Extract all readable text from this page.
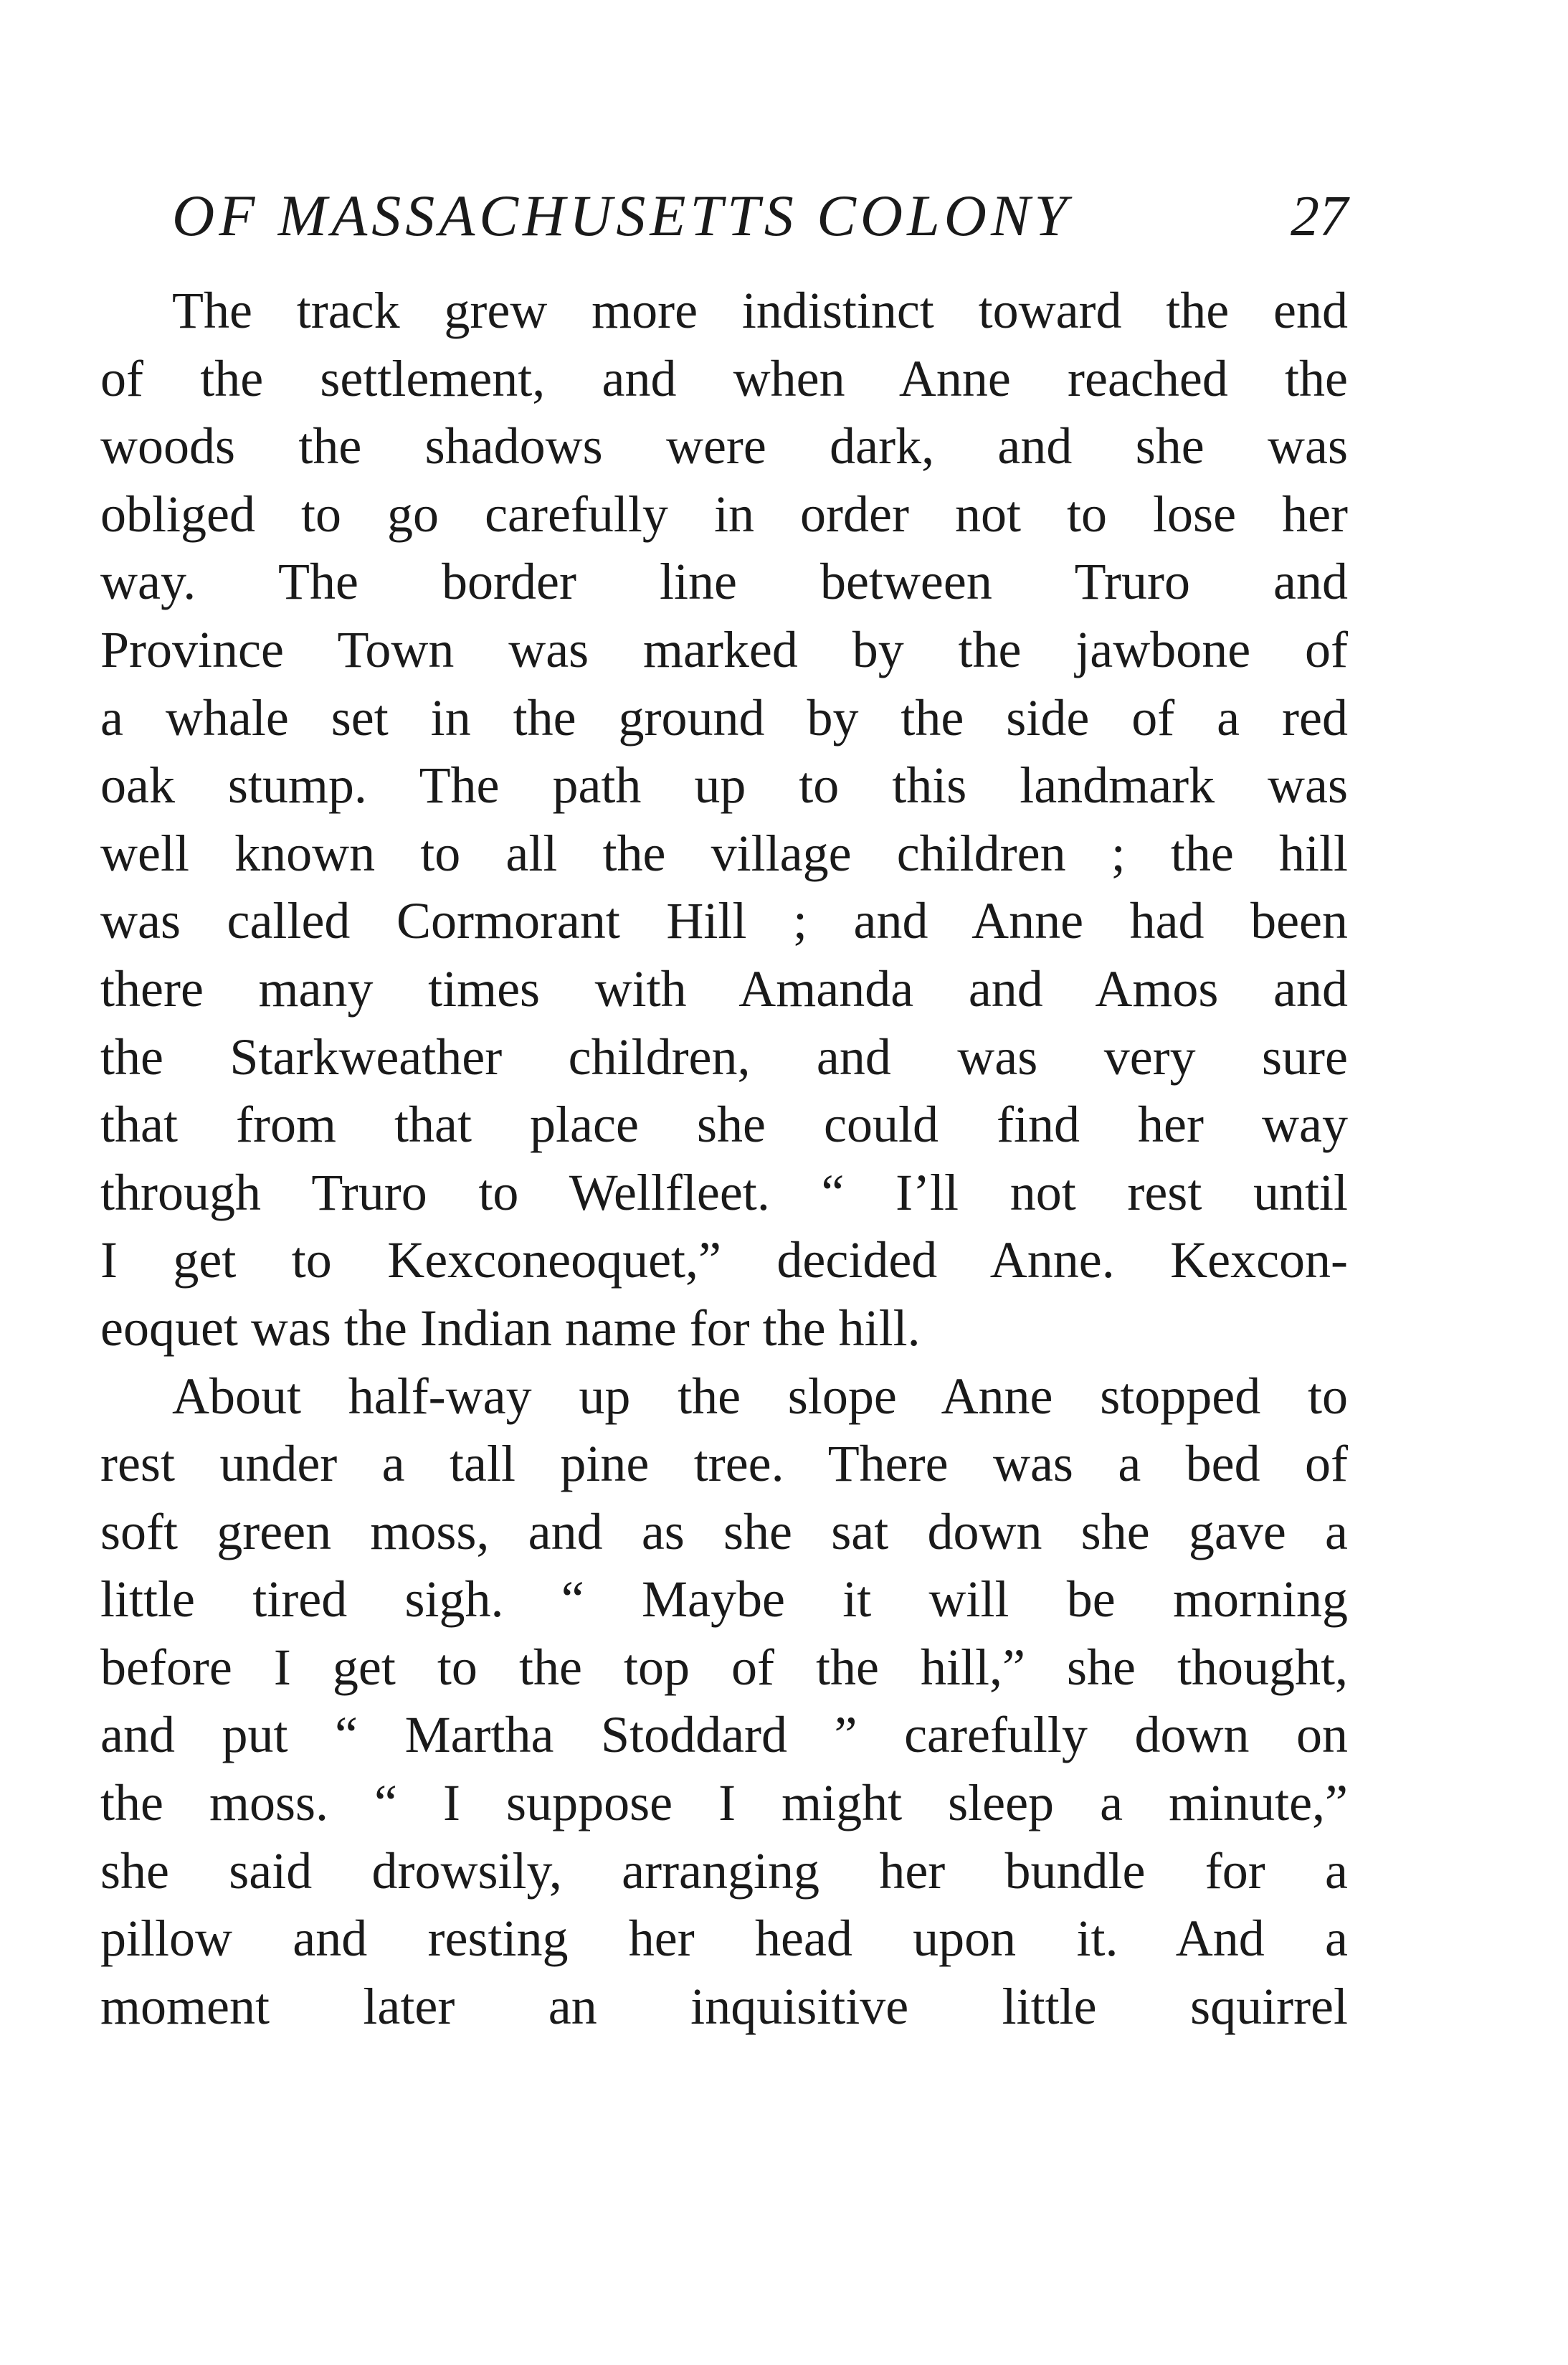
OF MASSACHUSETTS COLONY	27
The track grew more indistinct toward the end
of the settlement, and when Anne reached the
woods the shadows were dark, and she was
obliged to go carefully in order not to lose her
way. The border line between Truro and
Province Town was marked by the jawbone of
a whale set in the ground by the side of a red
oak stump. The path up to this landmark was
well known to all the village children ; the hill
was called Cormorant Hill ; and Anne had been
there many times with Amanda and Amos and
the Starkweather children, and was very sure
that from that place she could find her way
through Truro to Wellfleet. “ I’ll not rest until
I get to Kexconeoquet,” decided Anne. Kexcon-
eoquet was the Indian name for the hill.
About half-way up the slope Anne stopped to
rest under a tall pine tree. There was a bed of
soft green moss, and as she sat down she gave a
little tired sigh. “ Maybe it will be morning
before I get to the top of the hill,” she thought,
and put “ Martha Stoddard ” carefully down on
the moss. “ I suppose I might sleep a minute,”
she said drowsily, arranging her bundle for a
pillow and resting her head upon it. And a
moment later an inquisitive little squirrel
